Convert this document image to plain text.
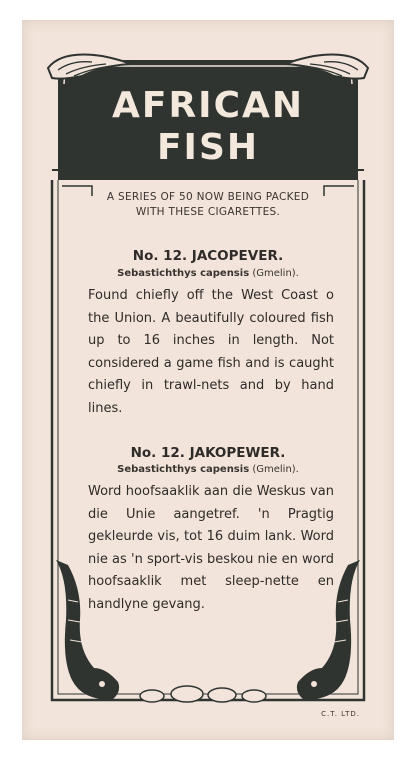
AFRICAN
FISH
A SERIES OF 50 NOW BEING PACKED
WITH THESE CIGARETTES.
No. 12. JACOPEVER.
Sebastichthys capensis (Gmelin).
Found chiefly off the West Coast o the Union. A beautifully coloured fish up to 16 inches in length. Not considered a game fish and is caught chiefly in trawl-nets and by hand lines.
No. 12. JAKOPEWER.
Sebastichthys capensis (Gmelin).
Word hoofsaaklik aan die Weskus van die Unie aangetref. 'n Pragtig gekleurde vis, tot 16 duim lank. Word nie as 'n sport-vis beskou nie en word hoofsaaklik met sleep-nette en handlyne gevang.
C.T. LTD.
